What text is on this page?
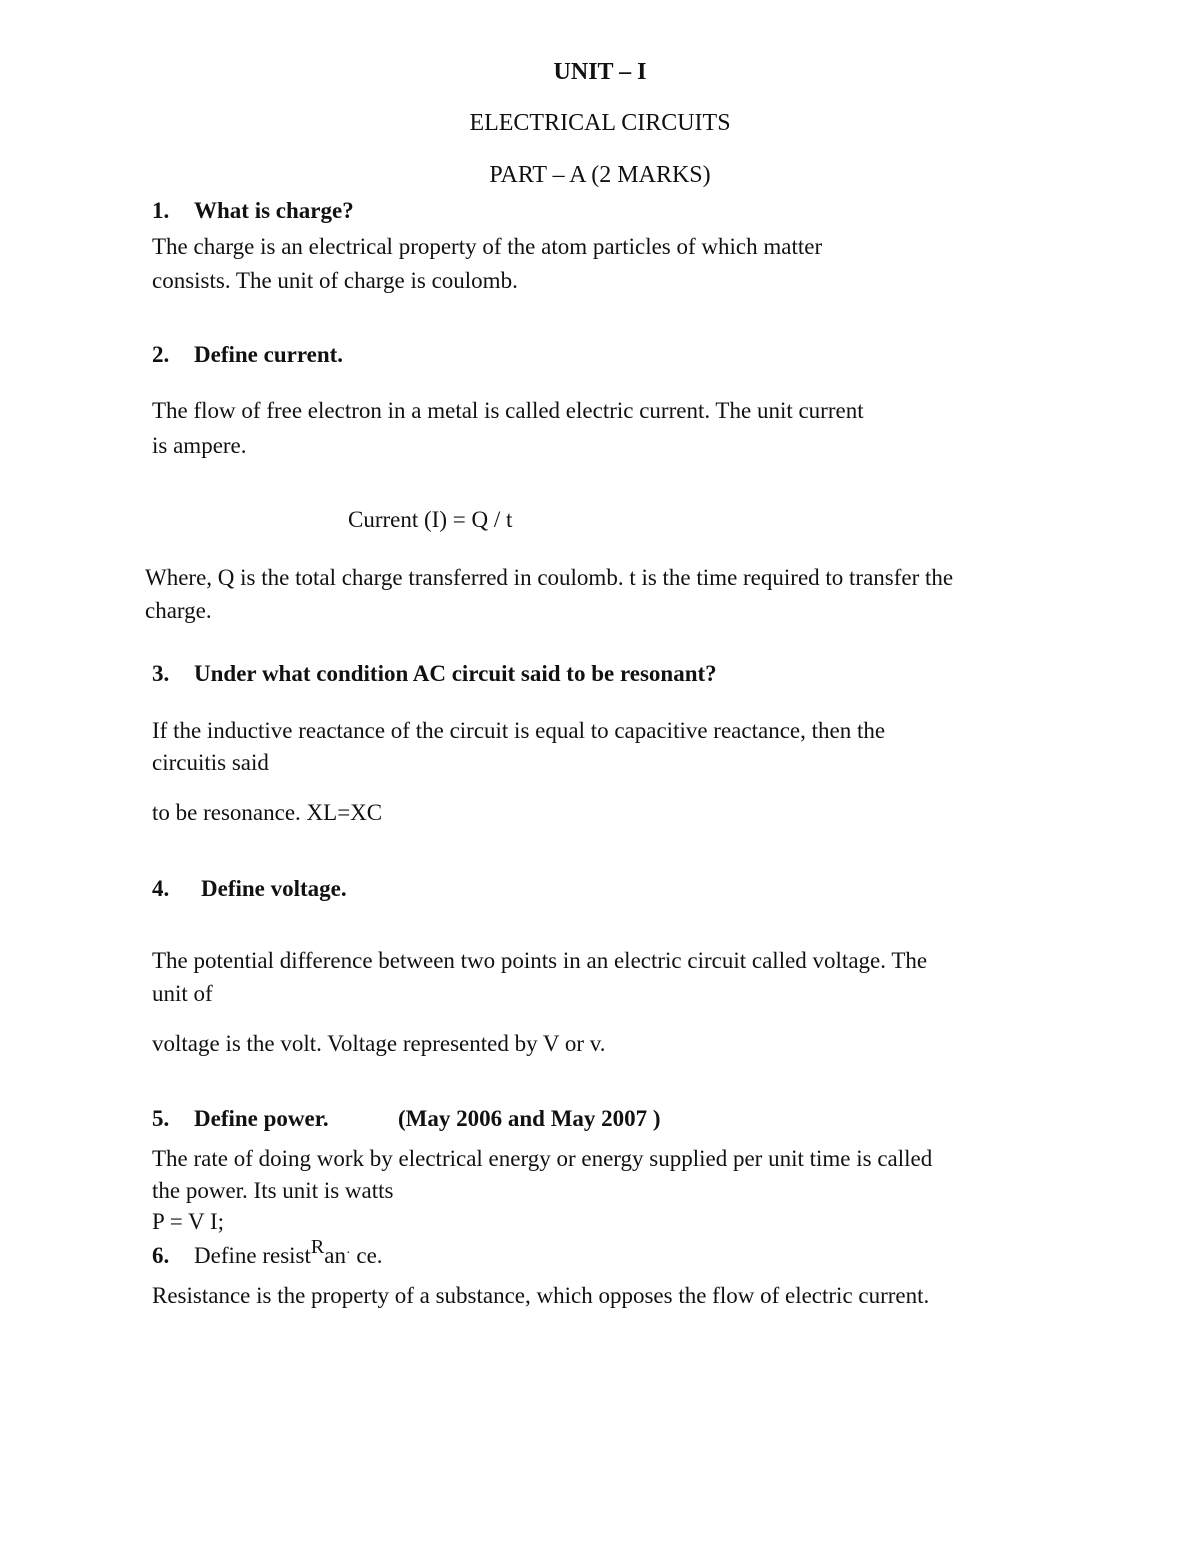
UNIT – I
ELECTRICAL CIRCUITS
PART – A (2 MARKS)
1. What is charge?
The charge is an electrical property of the atom particles of which matter
consists. The unit of charge is coulomb.
2. Define current.
The flow of free electron in a metal is called electric current. The unit current
is ampere.
Current (I) = Q / t
Where, Q is the total charge transferred in coulomb. t is the time required to transfer the
charge.
3. Under what condition AC circuit said to be resonant?
If the inductive reactance of the circuit is equal to capacitive reactance, then the
circuitis said
to be resonance. XL=XC
4. Define voltage.
The potential difference between two points in an electric circuit called voltage. The
unit of
voltage is the volt. Voltage represented by V or v.
5. Define power.	(May 2006 and May 2007 )
The rate of doing work by electrical energy or energy supplied per unit time is called
the power. Its unit is watts
P = V I;
6. Define resistRan· ce.
Resistance is the property of a substance, which opposes the flow of electric current.
